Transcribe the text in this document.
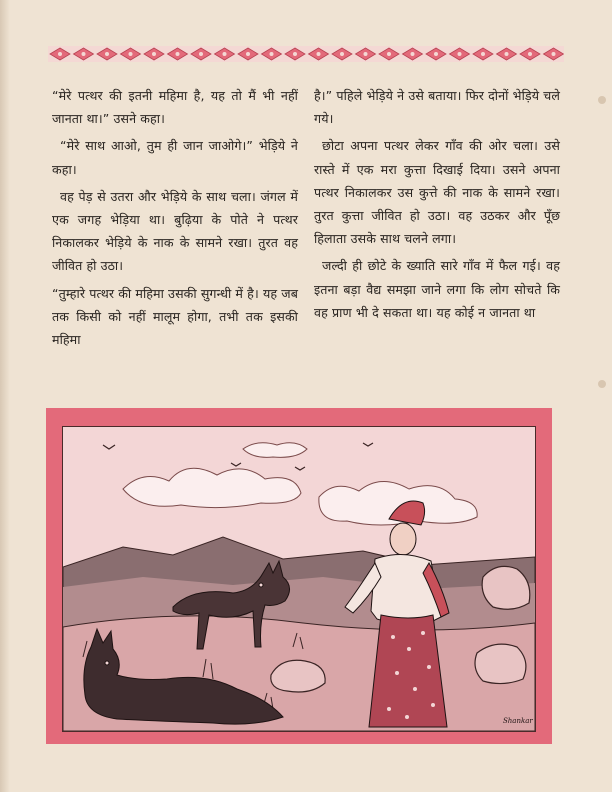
“मेरे पत्थर की इतनी महिमा है, यह तो मैं भी नहीं जानता था।” उसने कहा।

“मेरे साथ आओ, तुम ही जान जाओगे।” भेड़िये ने कहा।

वह पेड़ से उतरा और भेड़िये के साथ चला। जंगल में एक जगह भेड़िया था। बुढ़िया के पोते ने पत्थर निकालकर भेड़िये के नाक के सामने रखा। तुरत वह जीवित हो उठा।

“तुम्हारे पत्थर की महिमा उसकी सुगन्धी में है। यह जब तक किसी को नहीं मालूम होगा, तभी तक इसकी महिमा

है।” पहिले भेड़िये ने उसे बताया। फिर दोनों भेड़िये चले गये।

छोटा अपना पत्थर लेकर गाँव की ओर चला। उसे रास्ते में एक मरा कुत्ता दिखाई दिया। उसने अपना पत्थर निकालकर उस कुत्ते की नाक के सामने रखा। तुरत कुत्ता जीवित हो उठा। वह उठकर और पूँछ हिलाता उसके साथ चलने लगा।

जल्दी ही छोटे के ख्याति सारे गाँव में फैल गई। वह इतना बड़ा वैद्य समझा जाने लगा कि लोग सोचते कि वह प्राण भी दे सकता था। यह कोई न जानता था

Shankar
